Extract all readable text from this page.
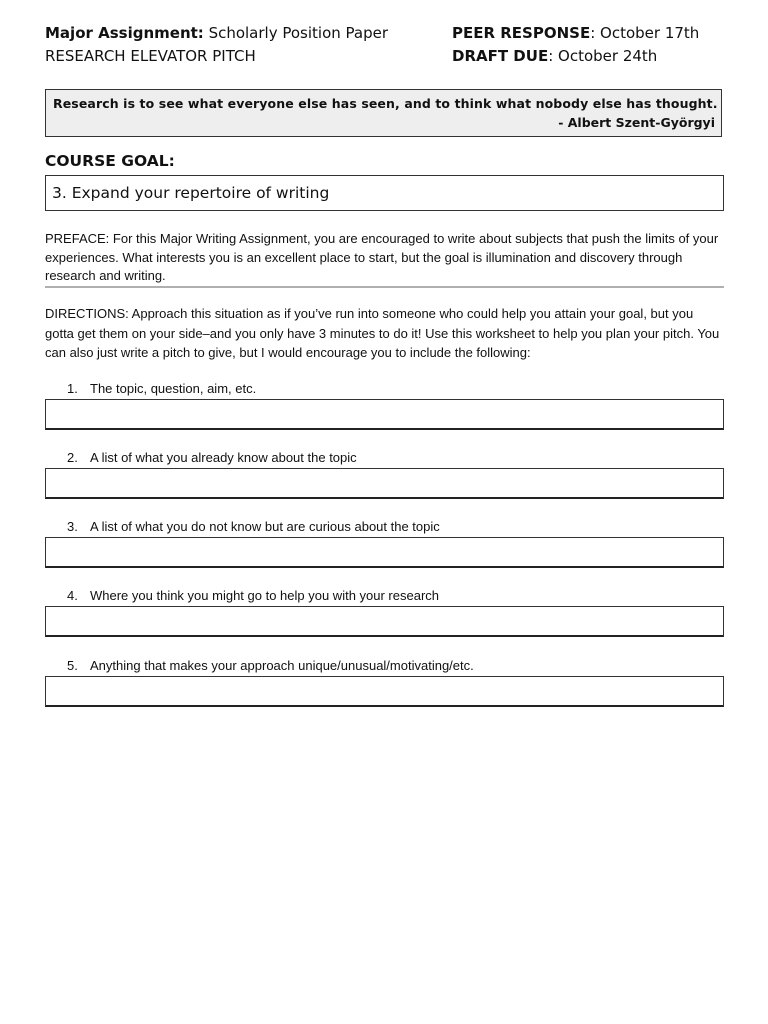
Major Assignment: Scholarly Position Paper
RESEARCH ELEVATOR PITCH
PEER RESPONSE: October 17th
DRAFT DUE: October 24th
Research is to see what everyone else has seen, and to think what nobody else has thought.
- Albert Szent-Györgyi
COURSE GOAL:
3. Expand your repertoire of writing
PREFACE: For this Major Writing Assignment, you are encouraged to write about subjects that push the limits of your experiences. What interests you is an excellent place to start, but the goal is illumination and discovery through research and writing.
DIRECTIONS: Approach this situation as if you’ve run into someone who could help you attain your goal, but you gotta get them on your side–and you only have 3 minutes to do it! Use this worksheet to help you plan your pitch. You can also just write a pitch to give, but I would encourage you to include the following:
1. The topic, question, aim, etc.
2. A list of what you already know about the topic
3. A list of what you do not know but are curious about the topic
4. Where you think you might go to help you with your research
5. Anything that makes your approach unique/unusual/motivating/etc.
